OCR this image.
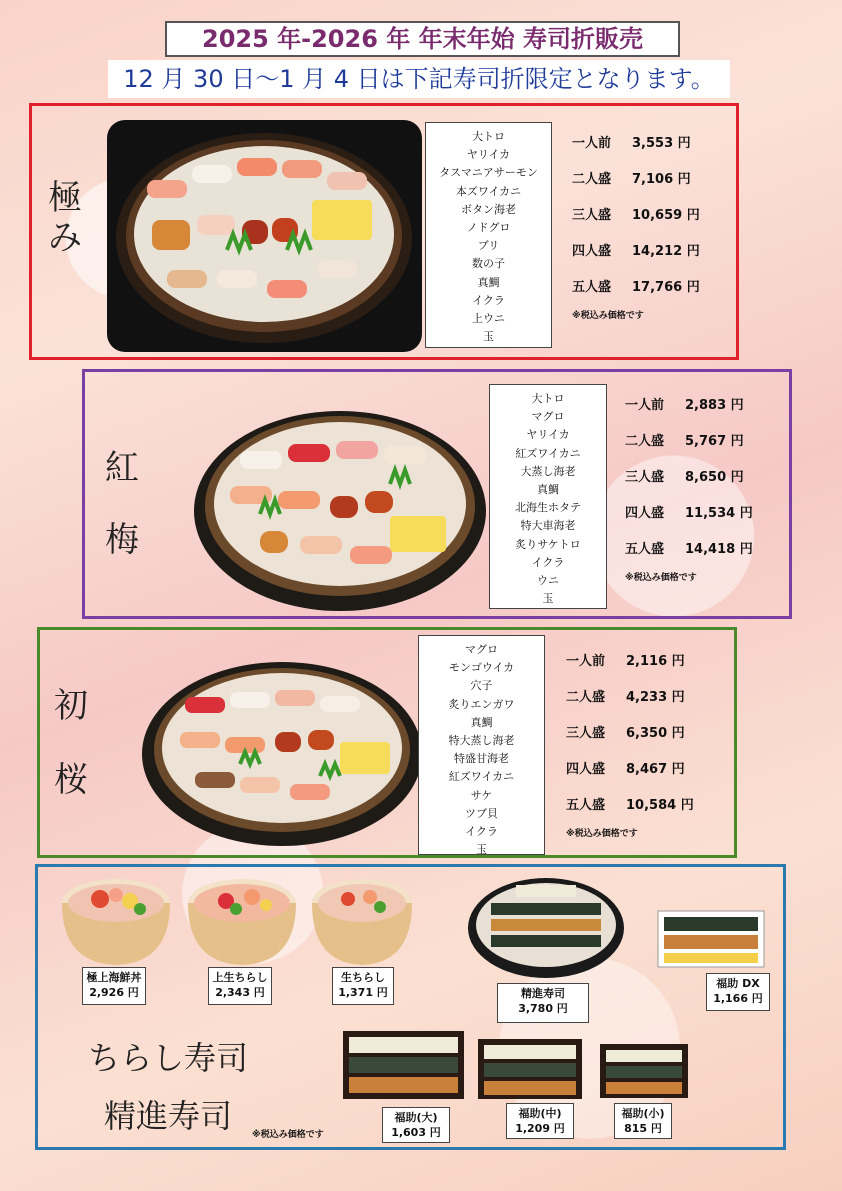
2025 年-2026 年 年末年始 寿司折販売
12 月 30 日～1 月 4 日は下記寿司折限定となります。
極み
大トロ
ヤリイカ
タスマニアサーモン
本ズワイカニ
ボタン海老
ノドグロ
ブリ
数の子
真鯛
イクラ
上ウニ
玉
一人前 3,553 円
二人盛 7,106 円
三人盛 10,659 円
四人盛 14,212 円
五人盛 17,766 円
※税込み価格です
紅
梅
大トロ
マグロ
ヤリイカ
紅ズワイカニ
大蒸し海老
真鯛
北海生ホタテ
特大車海老
炙りサケトロ
イクラ
ウニ
玉
一人前 2,883 円
二人盛 5,767 円
三人盛 8,650 円
四人盛 11,534 円
五人盛 14,418 円
※税込み価格です
初
桜
マグロ
モンゴウイカ
穴子
炙りエンガワ
真鯛
特大蒸し海老
特盛甘海老
紅ズワイカニ
サケ
ツブ貝
イクラ
玉
一人前 2,116 円
二人盛 4,233 円
三人盛 6,350 円
四人盛 8,467 円
五人盛 10,584 円
※税込み価格です
極上海鮮丼
2,926 円
上生ちらし
2,343 円
生ちらし
1,371 円	精進寿司
3,780 円
福助 DX
1,166 円
福助(大)
1,603 円
福助(中)
1,209 円
福助(小)
815 円
ちらし寿司
精進寿司 ※税込み価格です
